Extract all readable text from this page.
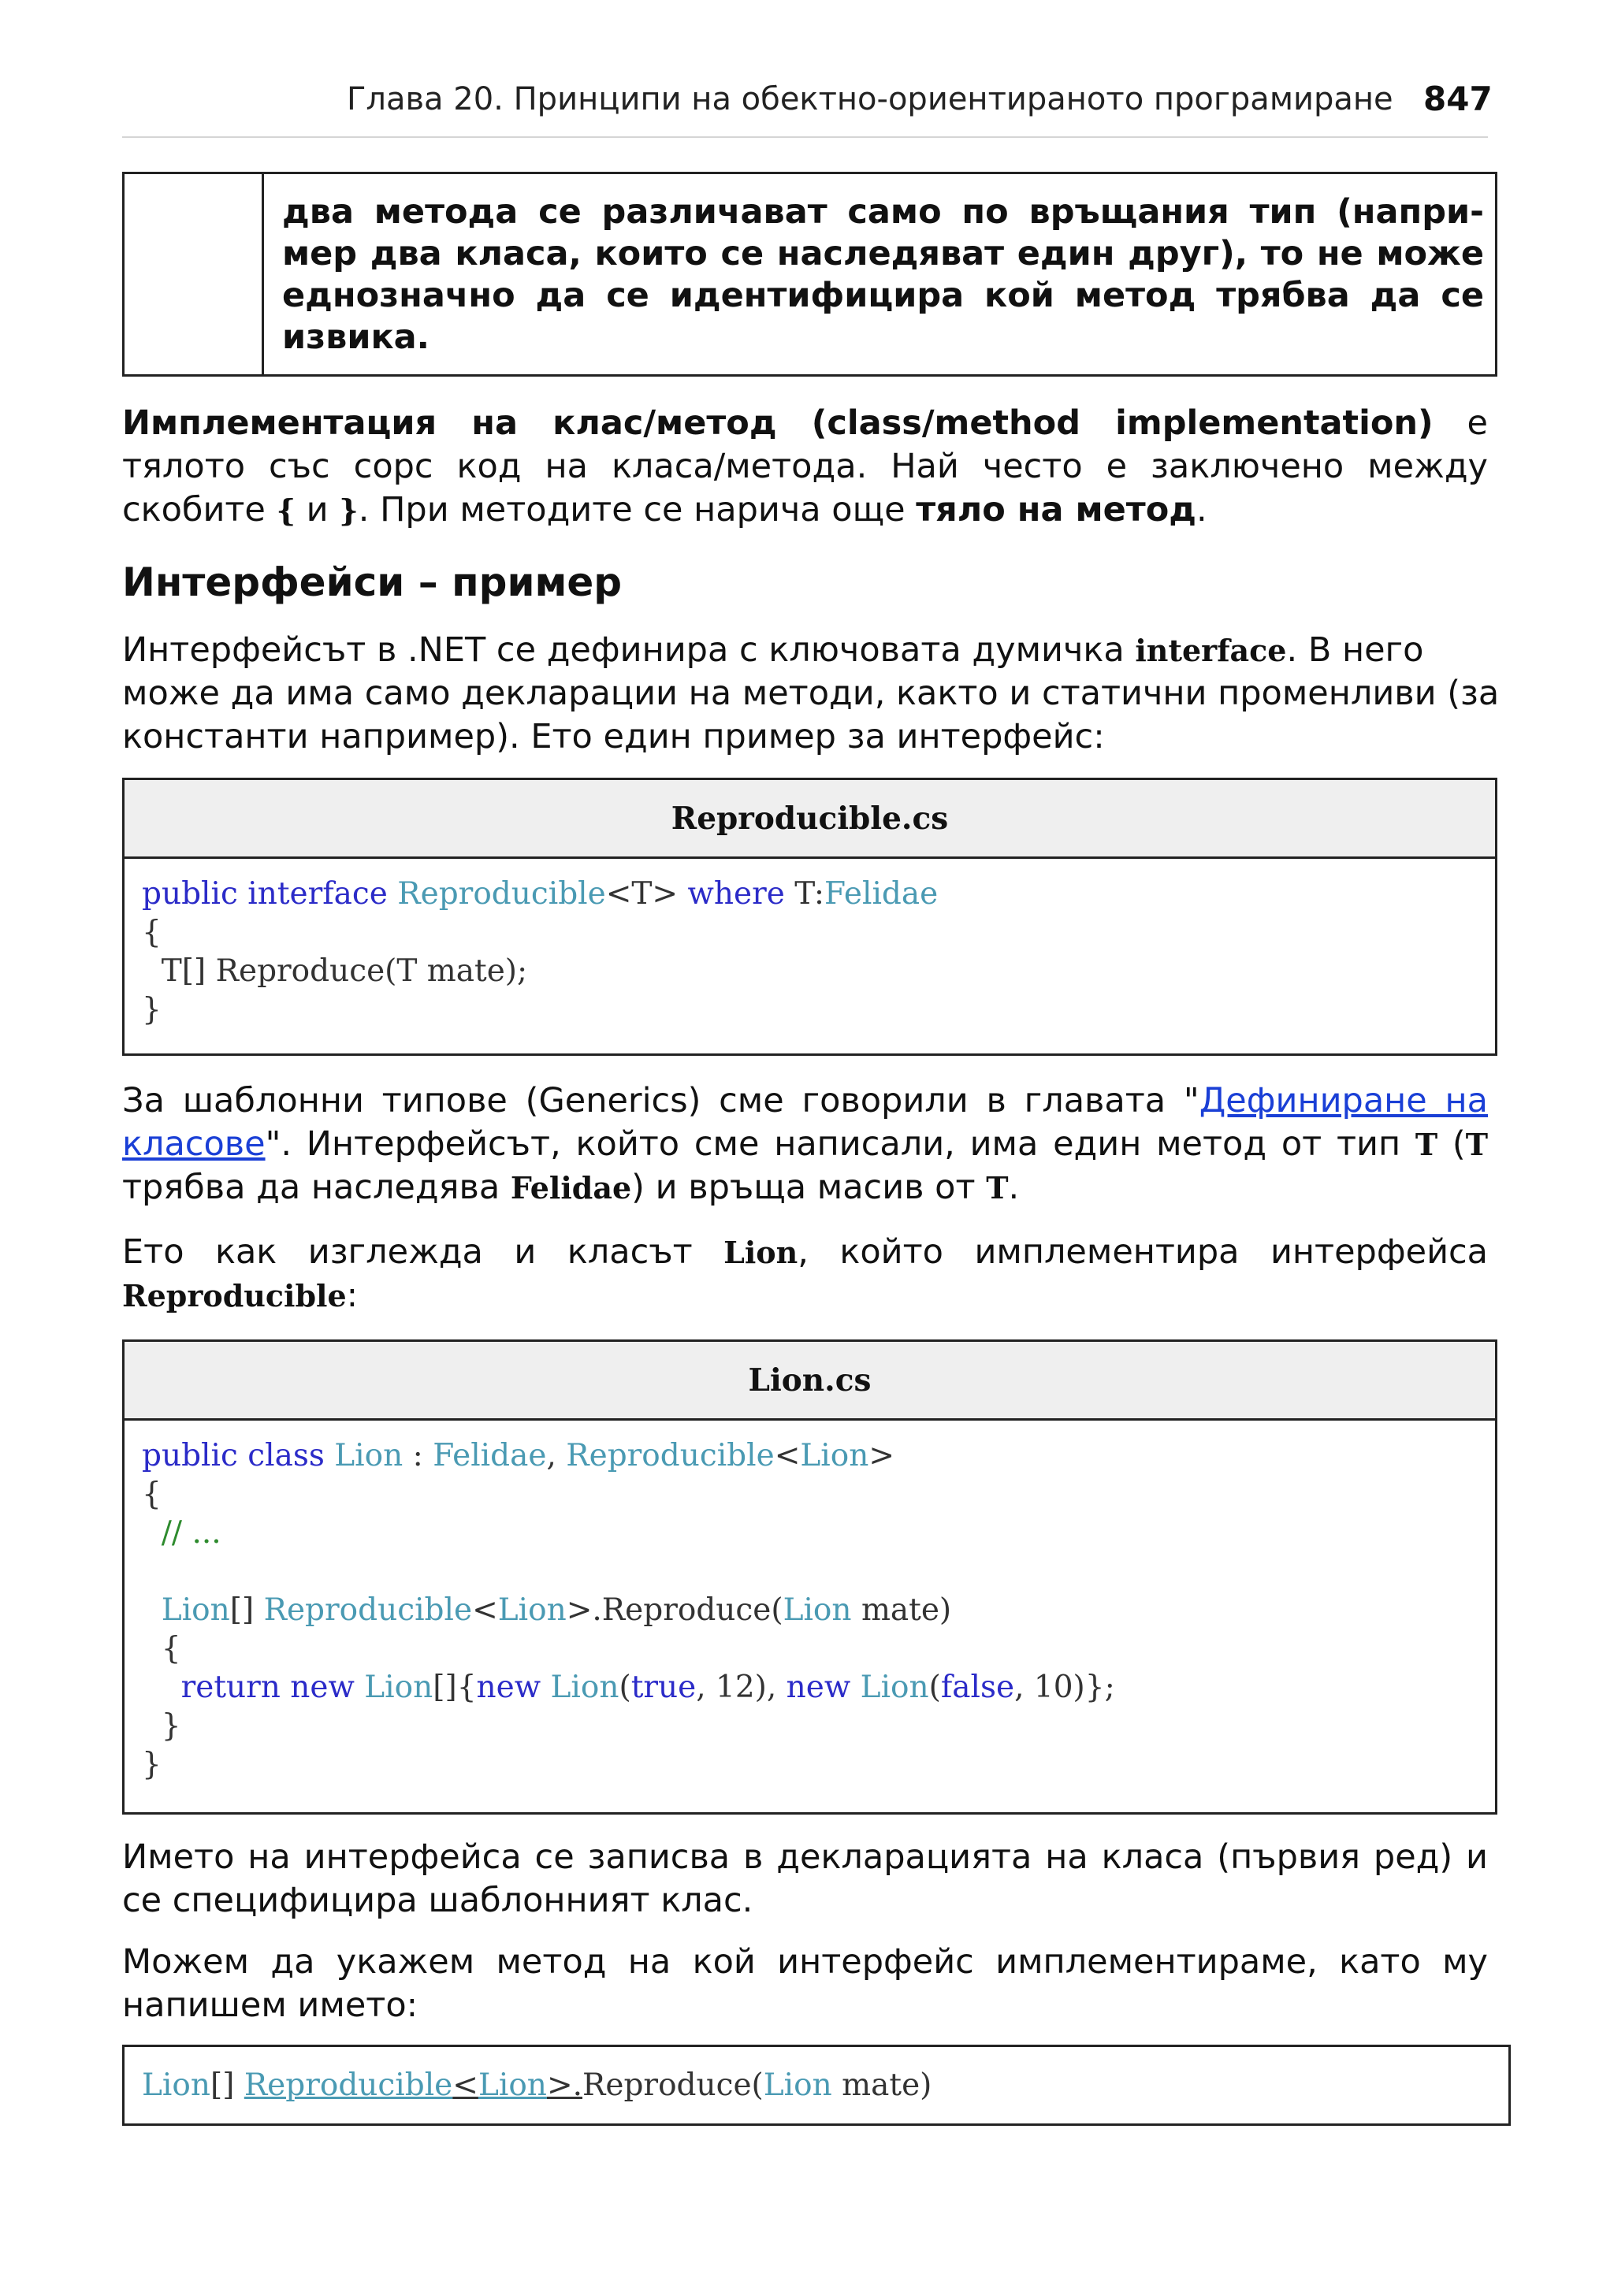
Глава 20. Принципи на обектно-ориентираното програмиране 847
два метода се различават само по връщания тип (напри-
мер два класа, които се наследяват един друг), то не може
еднозначно да се идентифицира кой метод трябва да се
извика.
Имплементация на клас/метод (class/method implementation) е
тялото със сорс код на класа/метода. Най често е заключено между
скобите { и }. При методите се нарича още тяло на метод.
Интерфейси – пример
Интерфейсът в .NET се дефинира с ключовата думичка interface. В него
може да има само декларации на методи, както и статични променливи (за
константи например). Ето един пример за интерфейс:
Reproducible.cs
public interface Reproducible<T> where T:Felidae
{
T[] Reproduce(T mate);
}
За шаблонни типове (Generics) сме говорили в главата "Дефиниране на
класове". Интерфейсът, който сме написали, има един метод от тип T (T
трябва да наследява Felidae) и връща масив от T.
Ето как изглежда и класът Lion, който имплементира интерфейса
Reproducible:
Lion.cs
public class Lion : Felidae, Reproducible<Lion>
{
// ...
Lion[] Reproducible<Lion>.Reproduce(Lion mate)
{
return new Lion[]{new Lion(true, 12), new Lion(false, 10)};
}
}
Името на интерфейса се записва в декларацията на класа (първия ред) и
се специфицира шаблонният клас.
Можем да укажем метод на кой интерфейс имплементираме, като му
напишем името:
Lion[] Reproducible<Lion>.Reproduce(Lion mate)
